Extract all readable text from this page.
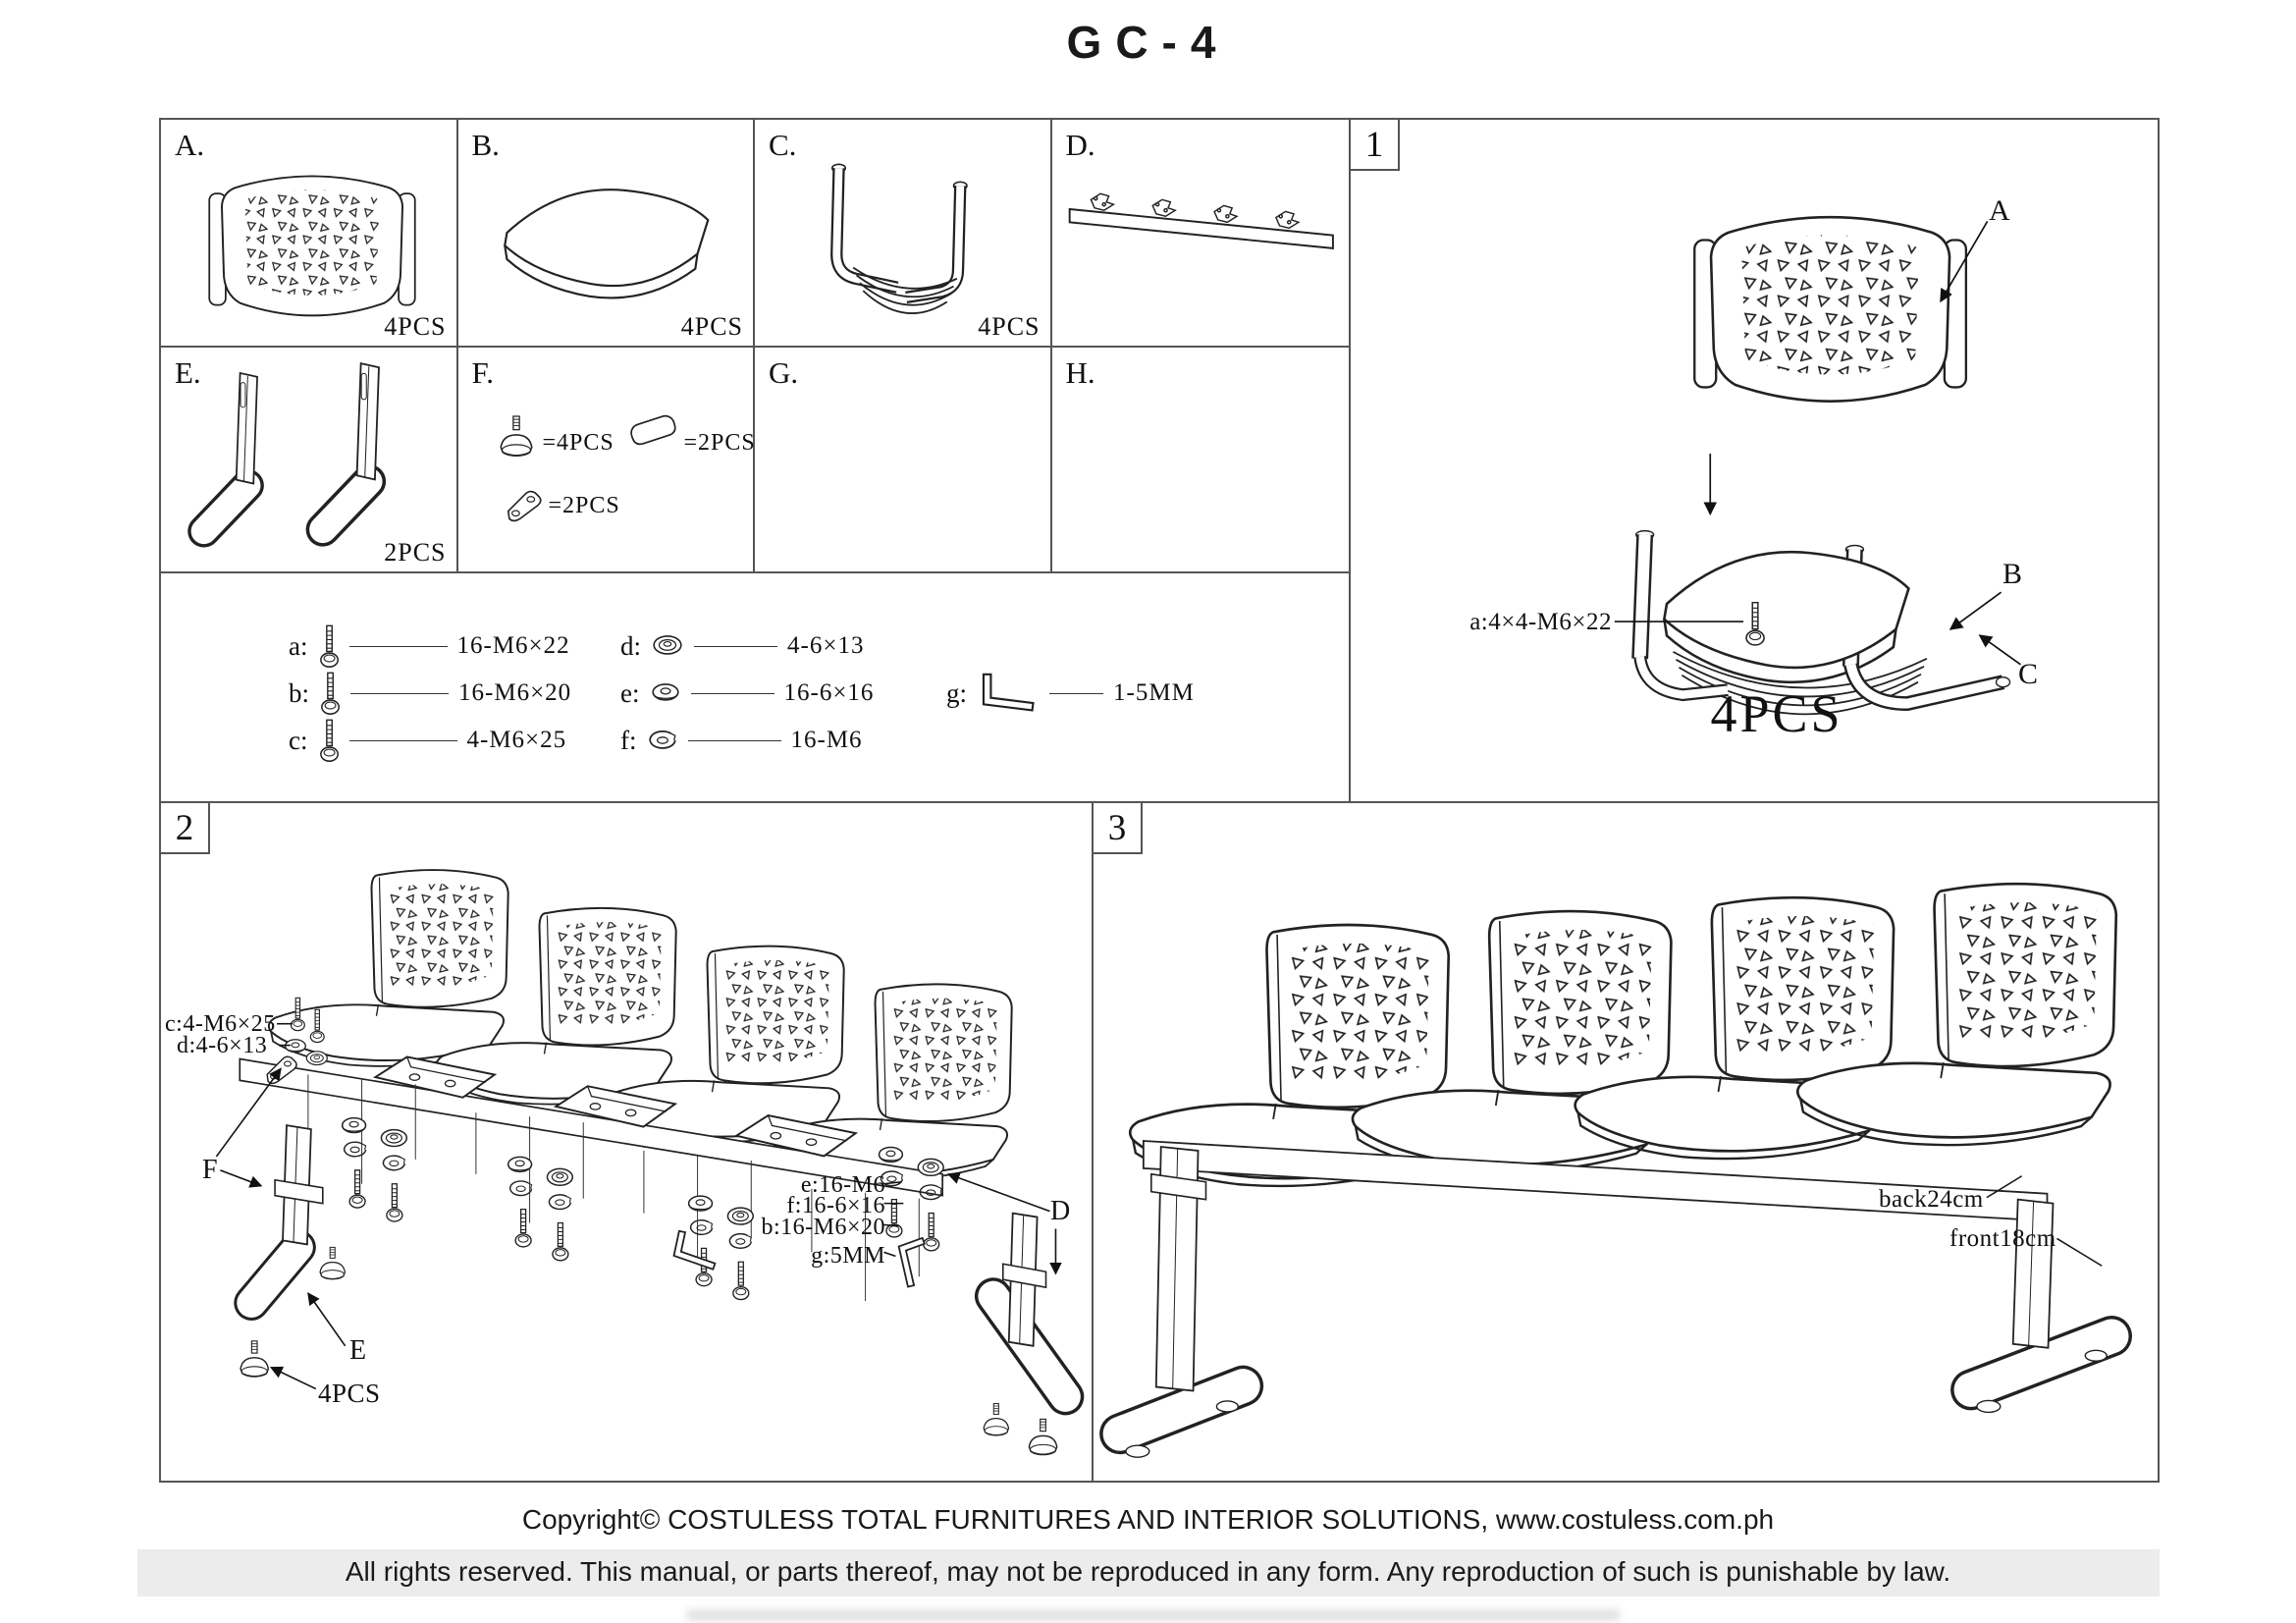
GC-4
A.
4PCS
B.
4PCS
C.
4PCS
D.
E.
2PCS
F.
=4PCS	=2PCS
=2PCS
G.	H.
a:	16-M6×22
b:	16-M6×20
c:	4-M6×25
d:	4-6×13
e:	16-6×16
f:	16-M6
g:	1-5MM
1
A
B
C
a:4×4-M6×22
4PCS
2
c:4-M6×25
d:4-6×13
F
E
4PCS
D
e:16-M6
f:16-6×16
b:16-M6×20
g:5MM
3
back24cm
front18cm
Copyright© COSTULESS TOTAL FURNITURES AND INTERIOR SOLUTIONS, www.costuless.com.ph
All rights reserved. This manual, or parts thereof, may not be reproduced in any form. Any reproduction of such is punishable by law.
